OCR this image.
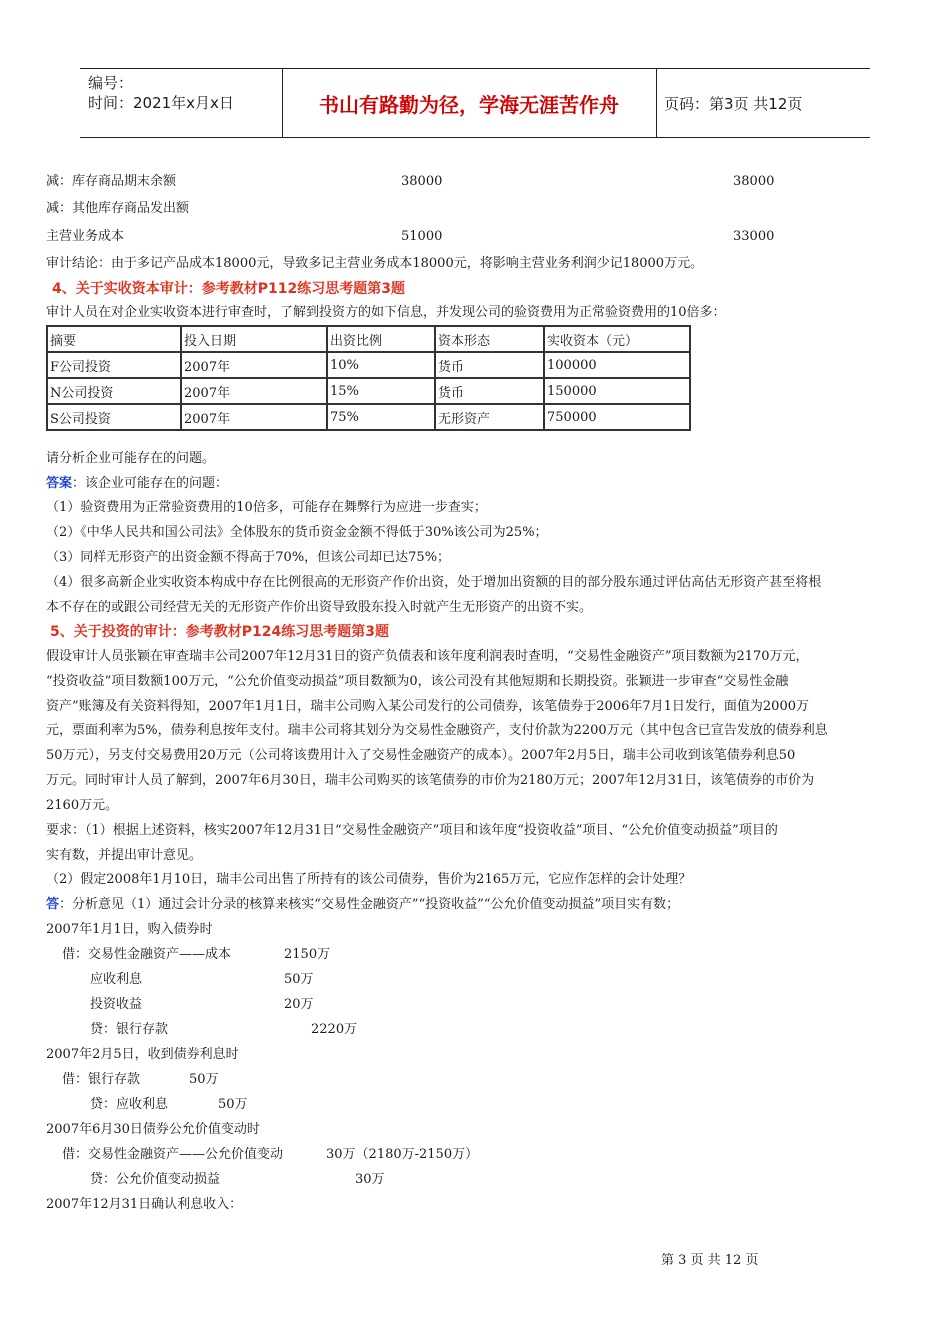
编号：
时间：2021年x月x日	书山有路勤为径，学海无涯苦作舟	页码：第3页 共12页
减：库存商品期末余额	38000	38000
减：其他库存商品发出额
主营业务成本	51000	33000
审计结论：由于多记产品成本18000元，导致多记主营业务成本18000元，将影响主营业务利润少记18000万元。
4、关于实收资本审计：参考教材P112练习思考题第3题
审计人员在对企业实收资本进行审查时，了解到投资方的如下信息，并发现公司的验资费用为正常验资费用的10倍多：
摘要	投入日期	出资比例	资本形态	实收资本（元）
F公司投资	2007年	10%	货币	100000
N公司投资	2007年	15%	货币	150000
S公司投资	2007年	75%	无形资产	750000
请分析企业可能存在的问题。
答案：该企业可能存在的问题：
（1）验资费用为正常验资费用的10倍多，可能存在舞弊行为应进一步查实；
（2）《中华人民共和国公司法》全体股东的货币资金金额不得低于30%该公司为25%；
（3）同样无形资产的出资金额不得高于70%，但该公司却已达75%；
（4）很多高新企业实收资本构成中存在比例很高的无形资产作价出资，处于增加出资额的目的部分股东通过评估高估无形资产甚至将根
本不存在的或跟公司经营无关的无形资产作价出资导致股东投入时就产生无形资产的出资不实。
5、关于投资的审计：参考教材P124练习思考题第3题
假设审计人员张颖在审查瑞丰公司2007年12月31日的资产负债表和该年度利润表时查明，“交易性金融资产”项目数额为2170万元，
“投资收益”项目数额100万元，“公允价值变动损益”项目数额为0，该公司没有其他短期和长期投资。张颖进一步审查“交易性金融
资产”账簿及有关资料得知，2007年1月1日，瑞丰公司购入某公司发行的公司债券，该笔债券于2006年7月1日发行，面值为2000万
元，票面利率为5%，债券利息按年支付。瑞丰公司将其划分为交易性金融资产，支付价款为2200万元（其中包含已宣告发放的债券利息
50万元），另支付交易费用20万元（公司将该费用计入了交易性金融资产的成本）。2007年2月5日，瑞丰公司收到该笔债券利息50
万元。同时审计人员了解到，2007年6月30日，瑞丰公司购买的该笔债券的市价为2180万元；2007年12月31日，该笔债券的市价为
2160万元。
要求：（1）根据上述资料，核实2007年12月31日“交易性金融资产”项目和该年度“投资收益”项目、“公允价值变动损益”项目的
实有数，并提出审计意见。
（2）假定2008年1月10日，瑞丰公司出售了所持有的该公司债券，售价为2165万元，它应作怎样的会计处理？
答：分析意见（1）通过会计分录的核算来核实“交易性金融资产”“投资收益”“公允价值变动损益”项目实有数；
2007年1月1日，购入债券时
借：交易性金融资产——成本	2150万
应收利息	50万
投资收益	20万
贷：银行存款	2220万
2007年2月5日，收到债券利息时
借：银行存款	50万
贷：应收利息	50万
2007年6月30日债券公允价值变动时
借：交易性金融资产——公允价值变动	30万（2180万-2150万）
贷：公允价值变动损益	30万
2007年12月31日确认利息收入：
第 3 页 共 12 页
